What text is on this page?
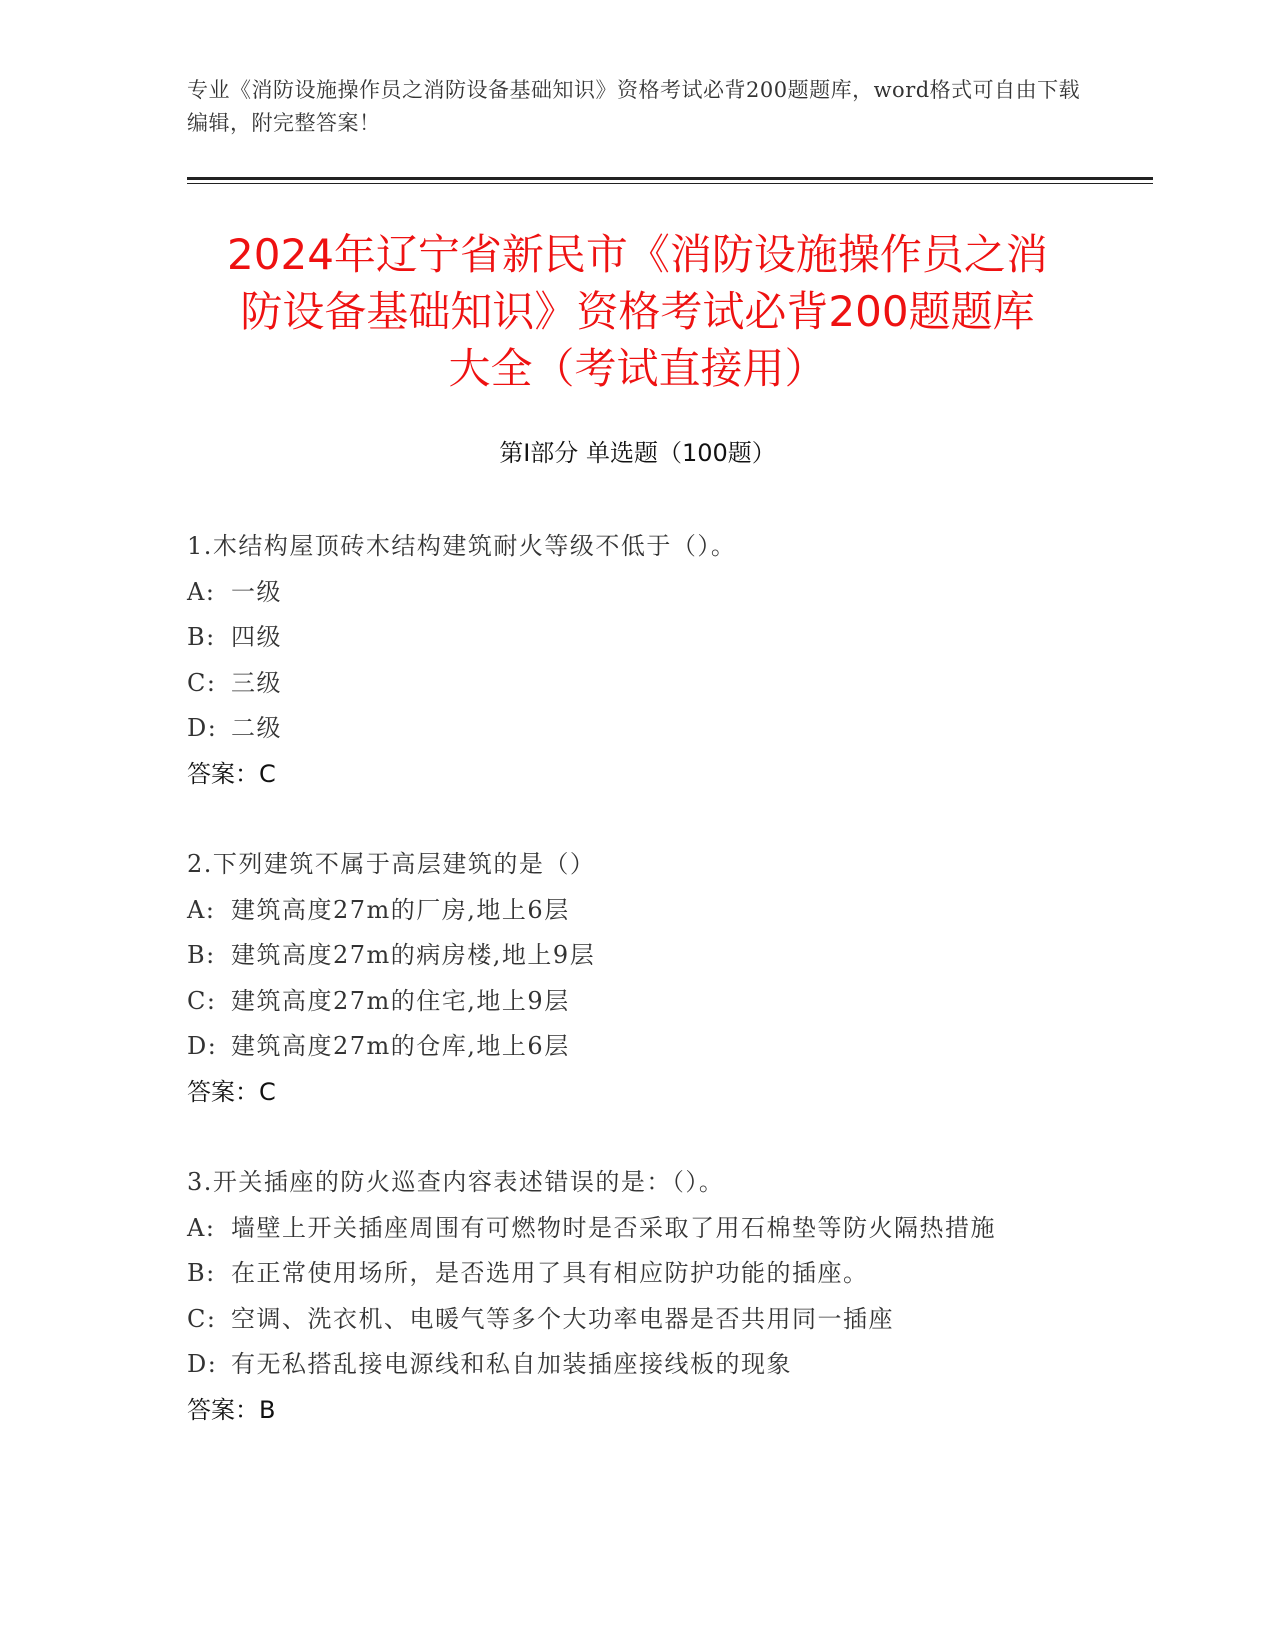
专业《消防设施操作员之消防设备基础知识》资格考试必背200题题库，word格式可自由下载编辑，附完整答案！
2024年辽宁省新民市《消防设施操作员之消
防设备基础知识》资格考试必背200题题库
大全（考试直接用）
第I部分 单选题（100题）
1.木结构屋顶砖木结构建筑耐火等级不低于（）。
A: 一级
B: 四级
C: 三级
D: 二级
答案：C
2.下列建筑不属于高层建筑的是（）
A: 建筑高度27m的厂房,地上6层
B: 建筑高度27m的病房楼,地上9层
C: 建筑高度27m的住宅,地上9层
D: 建筑高度27m的仓库,地上6层
答案：C
3.开关插座的防火巡查内容表述错误的是：（）。
A: 墙壁上开关插座周围有可燃物时是否采取了用石棉垫等防火隔热措施
B: 在正常使用场所，是否选用了具有相应防护功能的插座。
C: 空调、洗衣机、电暖气等多个大功率电器是否共用同一插座
D: 有无私搭乱接电源线和私自加装插座接线板的现象
答案：B
